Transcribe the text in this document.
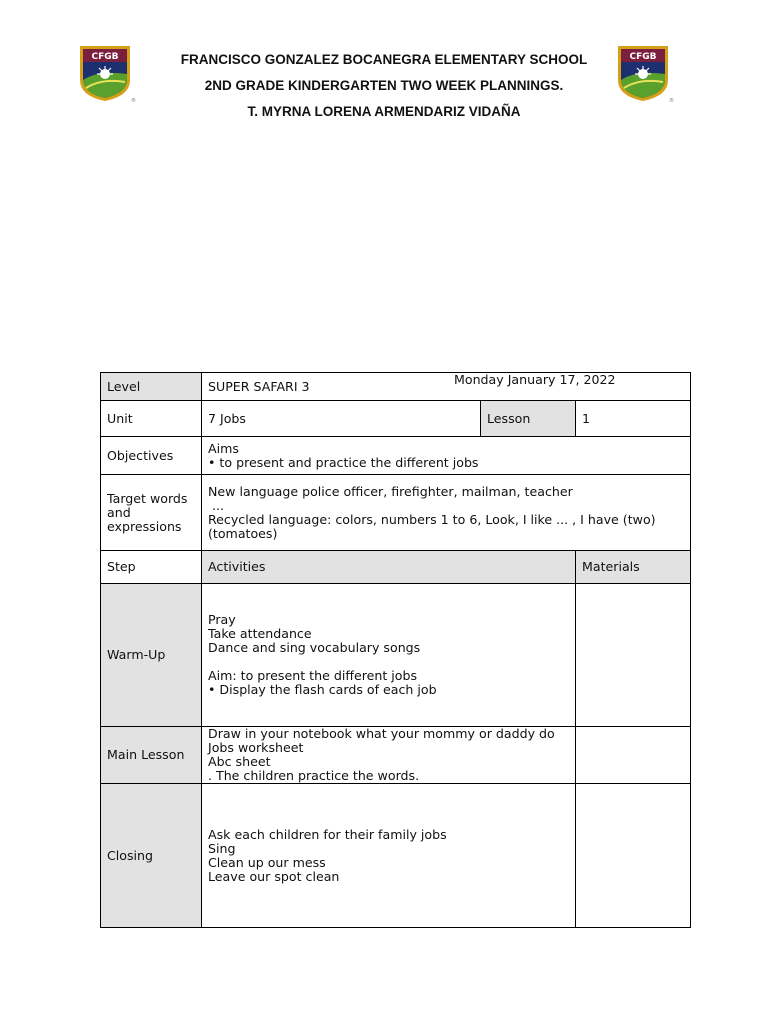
CFGB
®
CFGB
®
FRANCISCO GONZALEZ BOCANEGRA ELEMENTARY SCHOOL
2ND GRADE KINDERGARTEN TWO WEEK PLANNINGS.
T. MYRNA LORENA ARMENDARIZ VIDAÑA
Level	SUPER SAFARI 3 Monday January 17, 2022		

Unit	7 Jobs	Lesson	1
Objectives	Aims
• to present and practice the different jobs		

Target words
and
expressions	New language police officer, firefighter, mailman, teacher
...
Recycled language: colors, numbers 1 to 6, Look, I like ... , I have (two)
(tomatoes)		

Step	Activities		Materials
Warm-Up	Pray
Take attendance
Dance and sing vocabulary songs
Aim: to present the different jobs
• Display the flash cards of each job		

Main Lesson	Draw in your notebook what your mommy or daddy do
Jobs worksheet
Abc sheet
. The children practice the words.		

Closing	Ask each children for their family jobs
Sing
Clean up our mess
Leave our spot clean		
